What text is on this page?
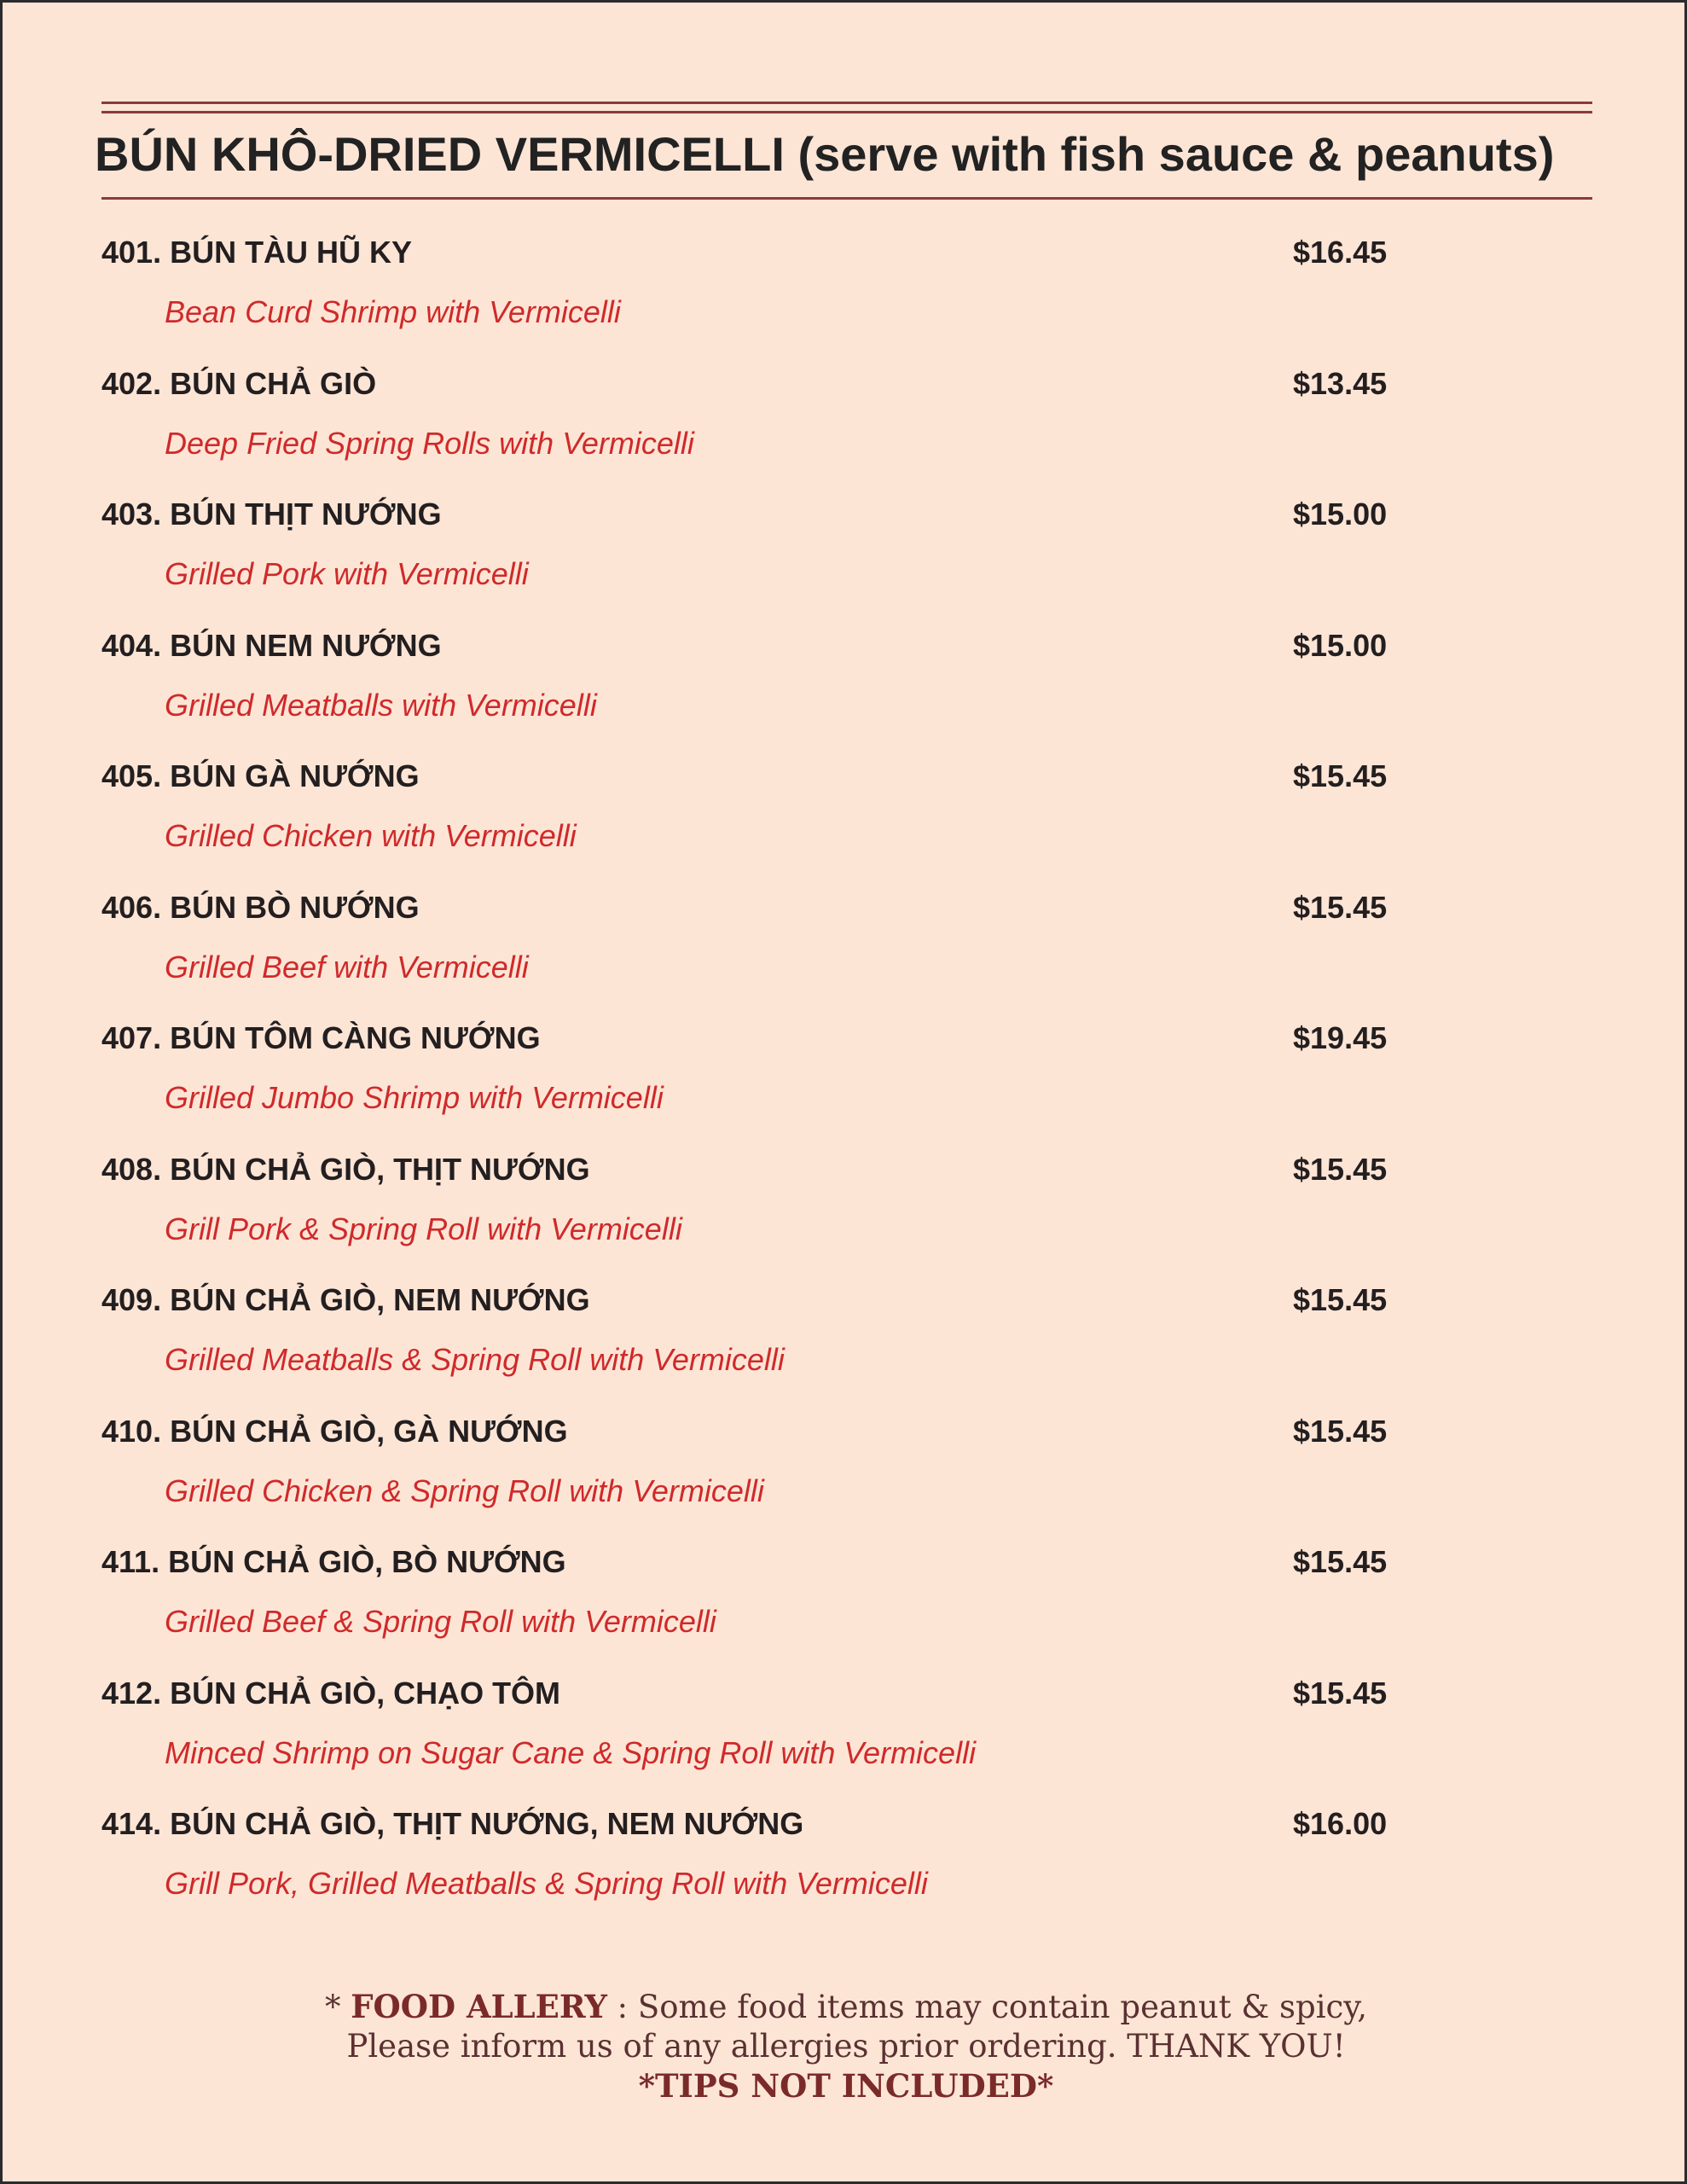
BÚN KHÔ-DRIED VERMICELLI (serve with fish sauce & peanuts)
401. BÚN TÀU HŨ KY	$16.45
Bean Curd Shrimp with Vermicelli
402. BÚN CHẢ GIÒ	$13.45
Deep Fried Spring Rolls with Vermicelli
403. BÚN THỊT NƯỚNG	$15.00
Grilled Pork with Vermicelli
404. BÚN NEM NƯỚNG	$15.00
Grilled Meatballs with Vermicelli
405. BÚN GÀ NƯỚNG	$15.45
Grilled Chicken with Vermicelli
406. BÚN BÒ NƯỚNG	$15.45
Grilled Beef with Vermicelli
407. BÚN TÔM CÀNG NƯỚNG	$19.45
Grilled Jumbo Shrimp with Vermicelli
408. BÚN CHẢ GIÒ, THỊT NƯỚNG	$15.45
Grill Pork & Spring Roll with Vermicelli
409. BÚN CHẢ GIÒ, NEM NƯỚNG	$15.45
Grilled Meatballs & Spring Roll with Vermicelli
410. BÚN CHẢ GIÒ, GÀ NƯỚNG	$15.45
Grilled Chicken & Spring Roll with Vermicelli
411. BÚN CHẢ GIÒ, BÒ NƯỚNG	$15.45
Grilled Beef & Spring Roll with Vermicelli
412. BÚN CHẢ GIÒ, CHẠO TÔM	$15.45
Minced Shrimp on Sugar Cane & Spring Roll with Vermicelli
414. BÚN CHẢ GIÒ, THỊT NƯỚNG, NEM NƯỚNG	$16.00
Grill Pork, Grilled Meatballs & Spring Roll with Vermicelli
* FOOD ALLERY : Some food items may contain peanut & spicy,
Please inform us of any allergies prior ordering. THANK YOU!
*TIPS NOT INCLUDED*
